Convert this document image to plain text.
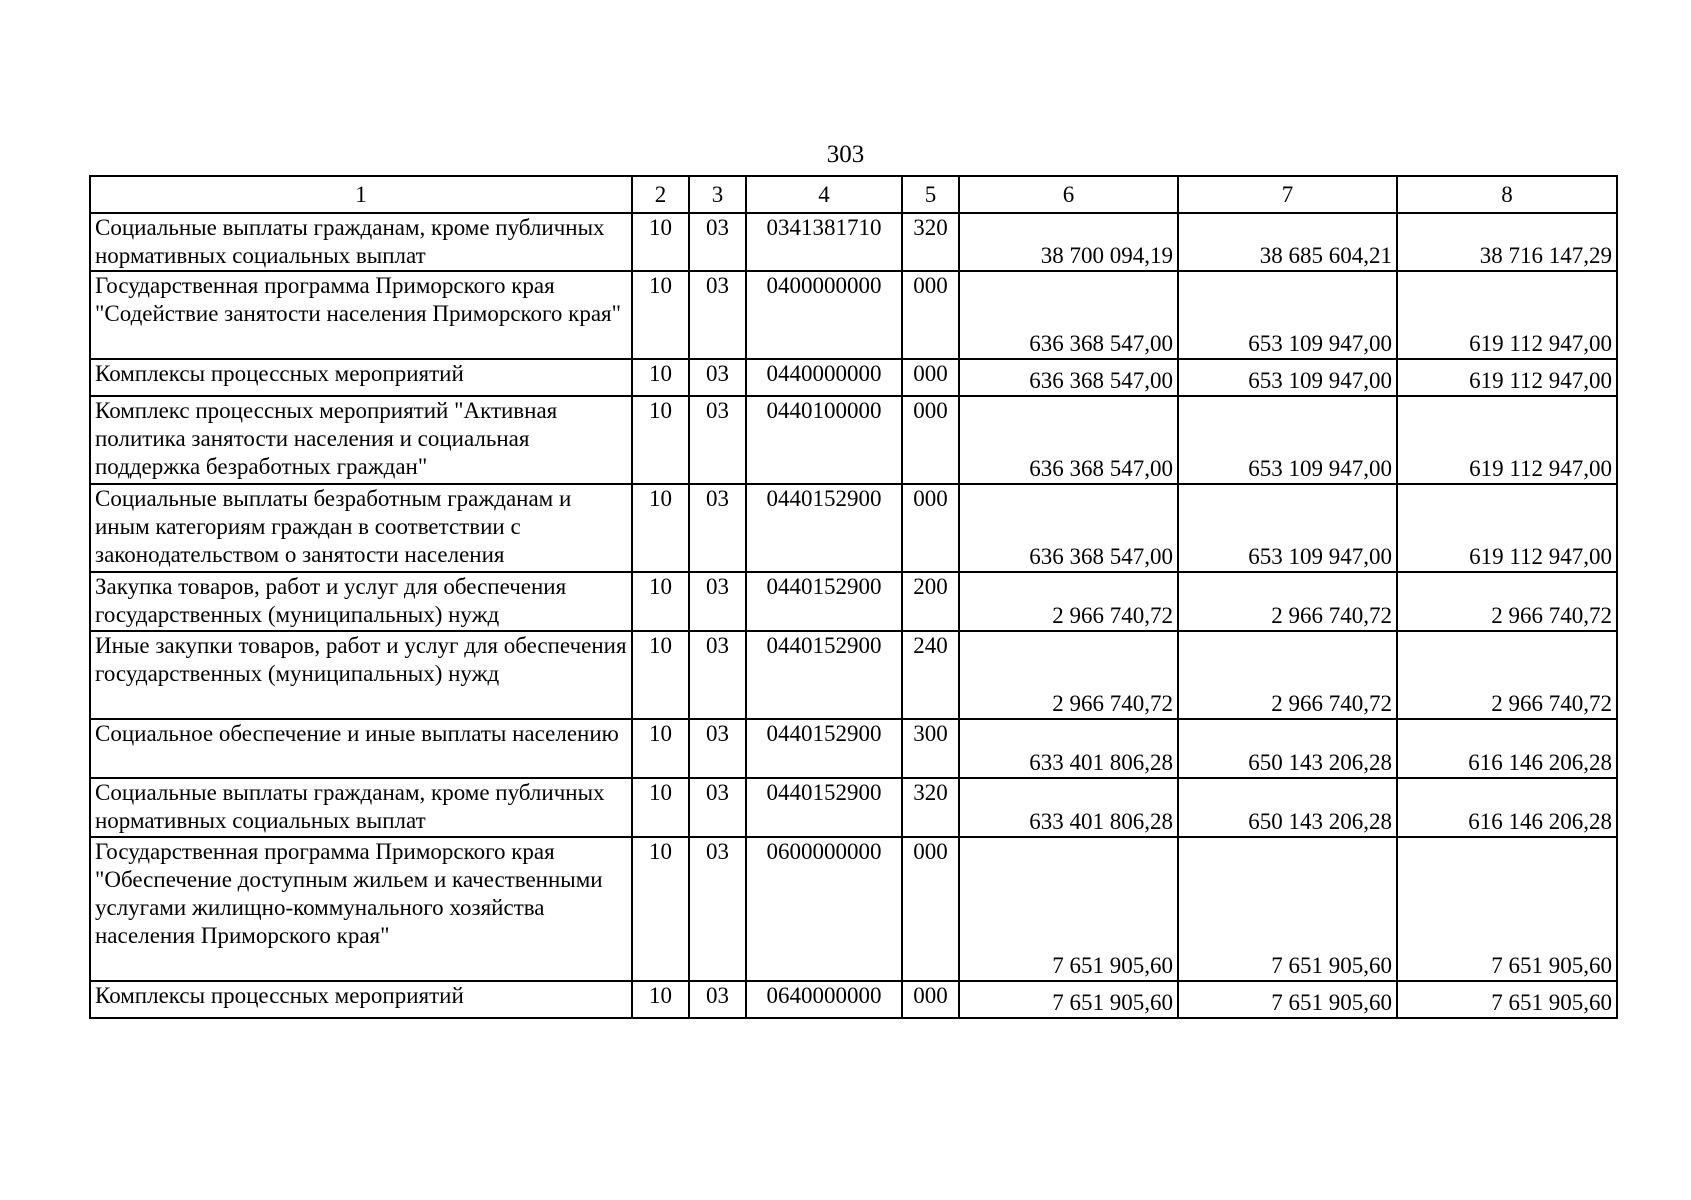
303
1	2	3	4	5	6	7	8
Социальные выплаты гражданам, кроме публичных нормативных социальных выплат	10	03	0341381710	320	38 700 094,19	38 685 604,21	38 716 147,29
Государственная программа Приморского края "Содействие занятости населения Приморского края"	10	03	0400000000	000	636 368 547,00	653 109 947,00	619 112 947,00
Комплексы процессных мероприятий	10	03	0440000000	000	636 368 547,00	653 109 947,00	619 112 947,00
Комплекс процессных мероприятий "Активная политика занятости населения и социальная поддержка безработных граждан"	10	03	0440100000	000	636 368 547,00	653 109 947,00	619 112 947,00
Социальные выплаты безработным гражданам и иным категориям граждан в соответствии с законодательством о занятости населения	10	03	0440152900	000	636 368 547,00	653 109 947,00	619 112 947,00
Закупка товаров, работ и услуг для обеспечения государственных (муниципальных) нужд	10	03	0440152900	200	2 966 740,72	2 966 740,72	2 966 740,72
Иные закупки товаров, работ и услуг для обеспечения государственных (муниципальных) нужд	10	03	0440152900	240	2 966 740,72	2 966 740,72	2 966 740,72
Социальное обеспечение и иные выплаты населению	10	03	0440152900	300	633 401 806,28	650 143 206,28	616 146 206,28
Социальные выплаты гражданам, кроме публичных нормативных социальных выплат	10	03	0440152900	320	633 401 806,28	650 143 206,28	616 146 206,28
Государственная программа Приморского края "Обеспечение доступным жильем и качественными услугами жилищно-коммунального хозяйства населения Приморского края"	10	03	0600000000	000	7 651 905,60	7 651 905,60	7 651 905,60
Комплексы процессных мероприятий	10	03	0640000000	000	7 651 905,60	7 651 905,60	7 651 905,60
